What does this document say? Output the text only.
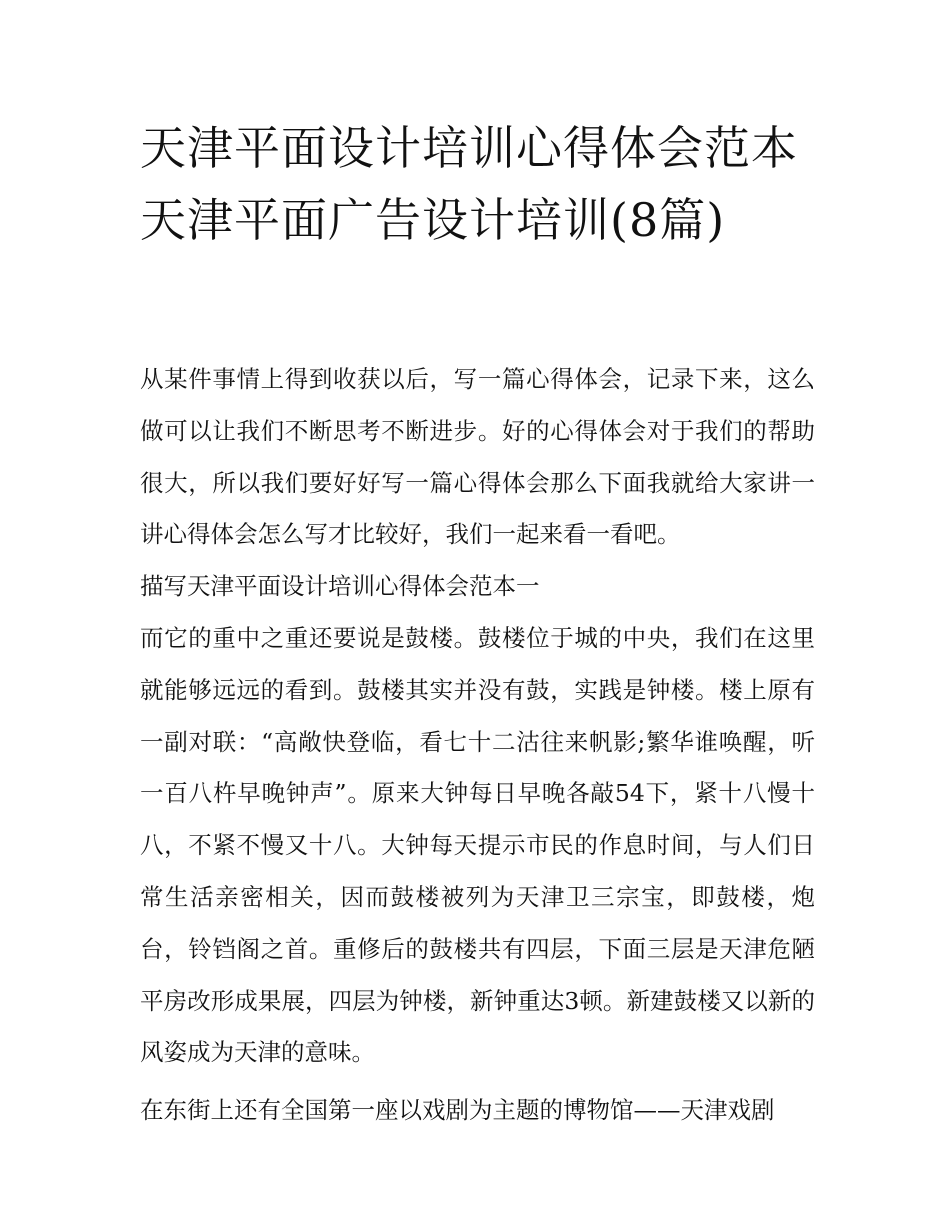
天津平面设计培训心得体会范本 天津平面广告设计培训(8篇)

从某件事情上得到收获以后，写一篇心得体会，记录下来，这么做可以让我们不断思考不断进步。好的心得体会对于我们的帮助很大，所以我们要好好写一篇心得体会那么下面我就给大家讲一讲心得体会怎么写才比较好，我们一起来看一看吧。

描写天津平面设计培训心得体会范本一

而它的重中之重还要说是鼓楼。鼓楼位于城的中央，我们在这里就能够远远的看到。鼓楼其实并没有鼓，实践是钟楼。楼上原有一副对联：“高敞快登临，看七十二沽往来帆影;繁华谁唤醒，听一百八杵早晚钟声”。原来大钟每日早晚各敲54下，紧十八慢十八，不紧不慢又十八。大钟每天提示市民的作息时间，与人们日常生活亲密相关，因而鼓楼被列为天津卫三宗宝，即鼓楼，炮台，铃铛阁之首。重修后的鼓楼共有四层，下面三层是天津危陋平房改形成果展，四层为钟楼，新钟重达3顿。新建鼓楼又以新的风姿成为天津的意味。

在东街上还有全国第一座以戏剧为主题的博物馆——天津戏剧
